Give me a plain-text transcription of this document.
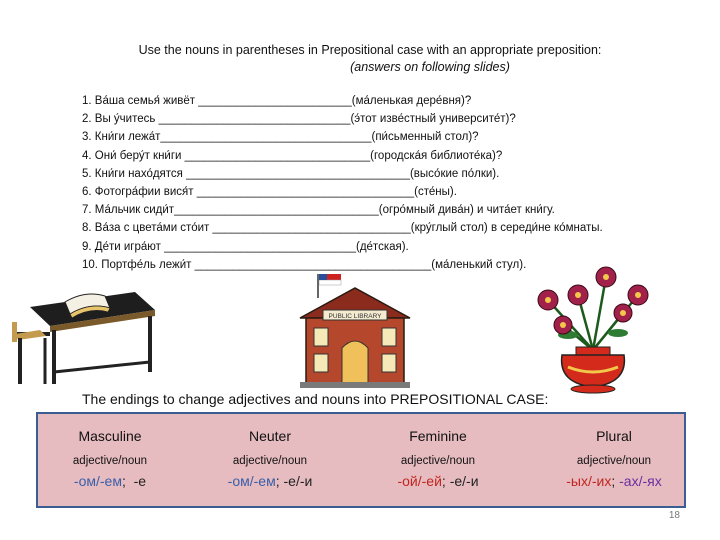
Use the nouns in parentheses in Prepositional case with an appropriate preposition:
(answers on following slides)
1. Ва́ша семья́ живёт ________________________(ма́ленькая дере́вня)?
2. Вы у́читесь ______________________________(э́тот изве́стный университе́т)?
3. Кни́ги лежа́т_________________________________(пи́сьменный стол)?
4. Они́ беру́т кни́ги _____________________________(городска́я библиоте́ка)?
5. Кни́ги нахо́дятся ___________________________________(высо́кие по́лки).
6. Фотогра́фии вися́т __________________________________(сте́ны).
7. Ма́льчик сиди́т________________________________(огро́мный дива́н) и чита́ет кни́гу.
8. Ва́за с цвета́ми сто́ит _______________________________(кру́глый стол) в середи́не ко́мнаты.
9. Де́ти игра́ют ______________________________(де́тская).
10. Портфе́ль лежи́т _____________________________________(ма́ленький стул).
PUBLIC LIBRARY
The endings to change adjectives and nouns into PREPOSITIONAL CASE:
Masculine
adjective/noun
-ом/-ем;  -е
Neuter
adjective/noun
-ом/-ем; -е/-и
Feminine
adjective/noun
-ой/-ей; -е/-и
Plural
adjective/noun
-ых/-их; -ах/-ях
18
